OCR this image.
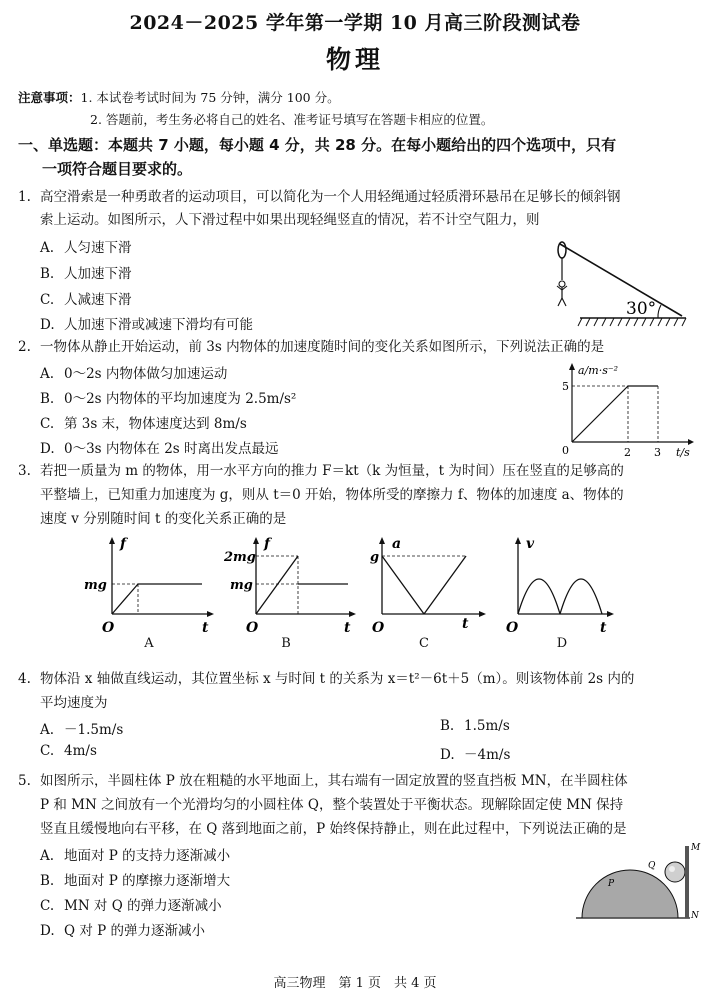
2024－2025 学年第一学期 10 月高三阶段测试卷
物理
注意事项：1. 本试卷考试时间为 75 分钟，满分 100 分。
2. 答题前，考生务必将自己的姓名、准考证号填写在答题卡相应的位置。
一、单选题：本题共 7 小题，每小题 4 分，共 28 分。在每小题给出的四个选项中，只有
一项符合题目要求的。
1. 高空滑索是一种勇敢者的运动项目，可以简化为一个人用轻绳通过轻质滑环悬吊在足够长的倾斜钢
索上运动。如图所示，人下滑过程中如果出现轻绳竖直的情况，若不计空气阻力，则
A. 人匀速下滑
B. 人加速下滑
C. 人减速下滑
D. 人加速下滑或减速下滑均有可能
30°
2. 一物体从静止开始运动，前 3s 内物体的加速度随时间的变化关系如图所示，下列说法正确的是
A. 0～2s 内物体做匀加速运动
B. 0～2s 内物体的平均加速度为 2.5m/s²
C. 第 3s 末，物体速度达到 8m/s
D. 0～3s 内物体在 2s 时离出发点最远
a/m·s⁻²
t/s
5
2 3
0
3. 若把一质量为 m 的物体，用一水平方向的推力 F＝kt（k 为恒量，t 为时间）压在竖直的足够高的
平整墙上，已知重力加速度为 g，则从 t＝0 开始，物体所受的摩擦力 f、物体的加速度 a、物体的
速度 v 分别随时间 t 的变化关系正确的是
f
t
O
mg
A
f
t
O
2mg
mg
B
a
t
O
g
C
v
t
O
D
4. 物体沿 x 轴做直线运动，其位置坐标 x 与时间 t 的关系为 x＝t²－6t＋5（m）。则该物体前 2s 内的
平均速度为
A. －1.5m/s	B. 1.5m/s
C. 4m/s	D. －4m/s
5. 如图所示，半圆柱体 P 放在粗糙的水平地面上，其右端有一固定放置的竖直挡板 MN，在半圆柱体
P 和 MN 之间放有一个光滑均匀的小圆柱体 Q，整个装置处于平衡状态。现解除固定使 MN 保持
竖直且缓慢地向右平移，在 Q 落到地面之前，P 始终保持静止，则在此过程中，下列说法正确的是
A. 地面对 P 的支持力逐渐减小
B. 地面对 P 的摩擦力逐渐增大
C. MN 对 Q 的弹力逐渐减小
D. Q 对 P 的弹力逐渐减小
P
Q
M
N
高三物理　第 1 页　共 4 页
